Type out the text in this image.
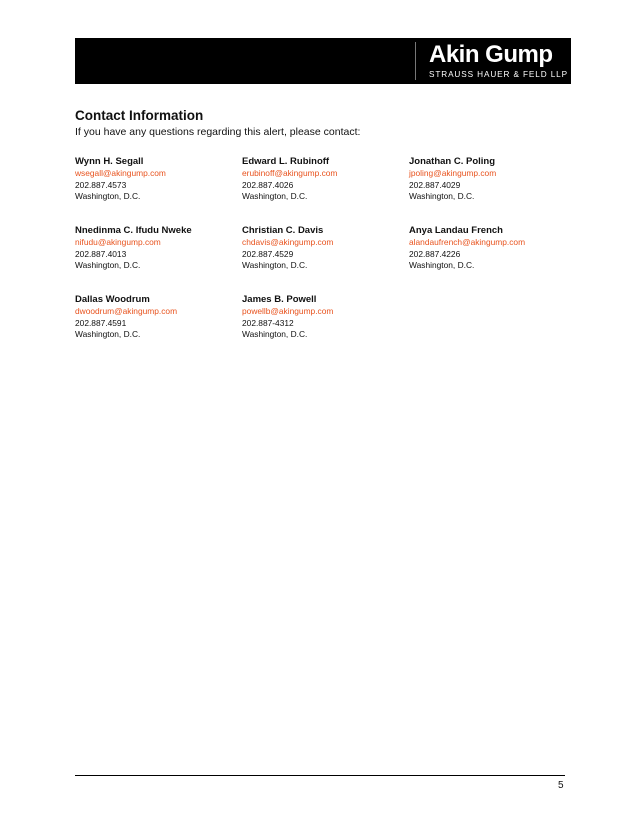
Akin Gump
STRAUSS HAUER & FELD LLP
Contact Information
If you have any questions regarding this alert, please contact:
Wynn H. Segall
wsegall@akingump.com
202.887.4573
Washington, D.C.
Edward L. Rubinoff
erubinoff@akingump.com
202.887.4026
Washington, D.C.
Jonathan C. Poling
jpoling@akingump.com
202.887.4029
Washington, D.C.
Nnedinma C. Ifudu Nweke
nifudu@akingump.com
202.887.4013
Washington, D.C.
Christian C. Davis
chdavis@akingump.com
202.887.4529
Washington, D.C.
Anya Landau French
alandaufrench@akingump.com
202.887.4226
Washington, D.C.
Dallas Woodrum
dwoodrum@akingump.com
202.887.4591
Washington, D.C.
James B. Powell
powellb@akingump.com
202.887-4312
Washington, D.C.
5
